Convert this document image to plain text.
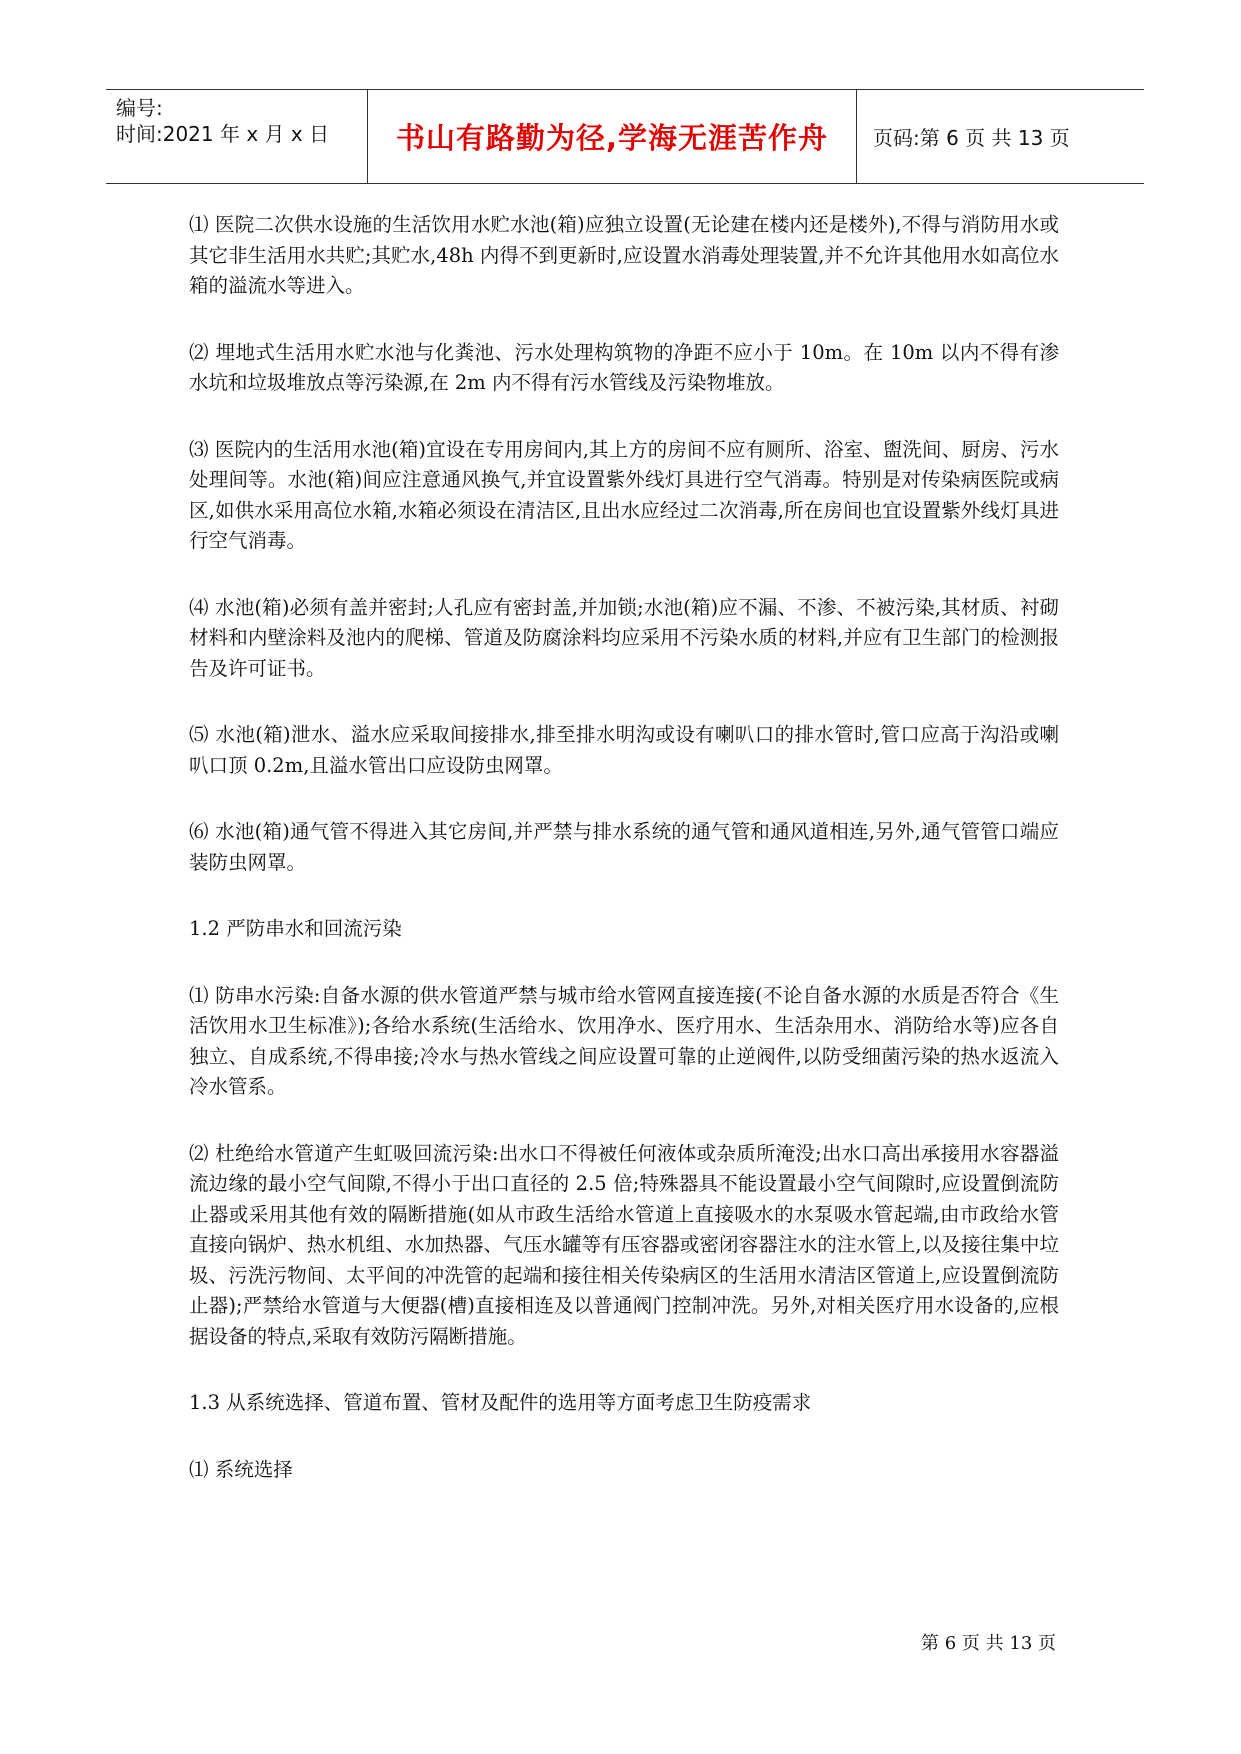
编号:
时间:2021 年 x 月 x 日 书山有路勤为径,学海无涯苦作舟 页码:第 6 页 共 13 页

⑴ 医院二次供水设施的生活饮用水贮水池(箱)应独立设置(无论建在楼内还是楼外),不得与消防用水或其它非生活用水共贮;其贮水,48h 内得不到更新时,应设置水消毒处理装置,并不允许其他用水如高位水箱的溢流水等进入。

⑵ 埋地式生活用水贮水池与化粪池、污水处理构筑物的净距不应小于 10m。在 10m 以内不得有渗水坑和垃圾堆放点等污染源,在 2m 内不得有污水管线及污染物堆放。

⑶ 医院内的生活用水池(箱)宜设在专用房间内,其上方的房间不应有厕所、浴室、盥洗间、厨房、污水处理间等。水池(箱)间应注意通风换气,并宜设置紫外线灯具进行空气消毒。特别是对传染病医院或病区,如供水采用高位水箱,水箱必须设在清洁区,且出水应经过二次消毒,所在房间也宜设置紫外线灯具进行空气消毒。

⑷ 水池(箱)必须有盖并密封;人孔应有密封盖,并加锁;水池(箱)应不漏、不渗、不被污染,其材质、衬砌材料和内壁涂料及池内的爬梯、管道及防腐涂料均应采用不污染水质的材料,并应有卫生部门的检测报告及许可证书。

⑸ 水池(箱)泄水、溢水应采取间接排水,排至排水明沟或设有喇叭口的排水管时,管口应高于沟沿或喇叭口顶 0.2m,且溢水管出口应设防虫网罩。

⑹ 水池(箱)通气管不得进入其它房间,并严禁与排水系统的通气管和通风道相连,另外,通气管管口端应装防虫网罩。

1.2 严防串水和回流污染

⑴ 防串水污染:自备水源的供水管道严禁与城市给水管网直接连接(不论自备水源的水质是否符合《生活饮用水卫生标准》);各给水系统(生活给水、饮用净水、医疗用水、生活杂用水、消防给水等)应各自独立、自成系统,不得串接;冷水与热水管线之间应设置可靠的止逆阀件,以防受细菌污染的热水返流入冷水管系。

⑵ 杜绝给水管道产生虹吸回流污染:出水口不得被任何液体或杂质所淹没;出水口高出承接用水容器溢流边缘的最小空气间隙,不得小于出口直径的 2.5 倍;特殊器具不能设置最小空气间隙时,应设置倒流防止器或采用其他有效的隔断措施(如从市政生活给水管道上直接吸水的水泵吸水管起端,由市政给水管直接向锅炉、热水机组、水加热器、气压水罐等有压容器或密闭容器注水的注水管上,以及接往集中垃圾、污洗污物间、太平间的冲洗管的起端和接往相关传染病区的生活用水清洁区管道上,应设置倒流防止器);严禁给水管道与大便器(槽)直接相连及以普通阀门控制冲洗。另外,对相关医疗用水设备的,应根据设备的特点,采取有效防污隔断措施。

1.3 从系统选择、管道布置、管材及配件的选用等方面考虑卫生防疫需求

⑴ 系统选择

第 6 页 共 13 页
